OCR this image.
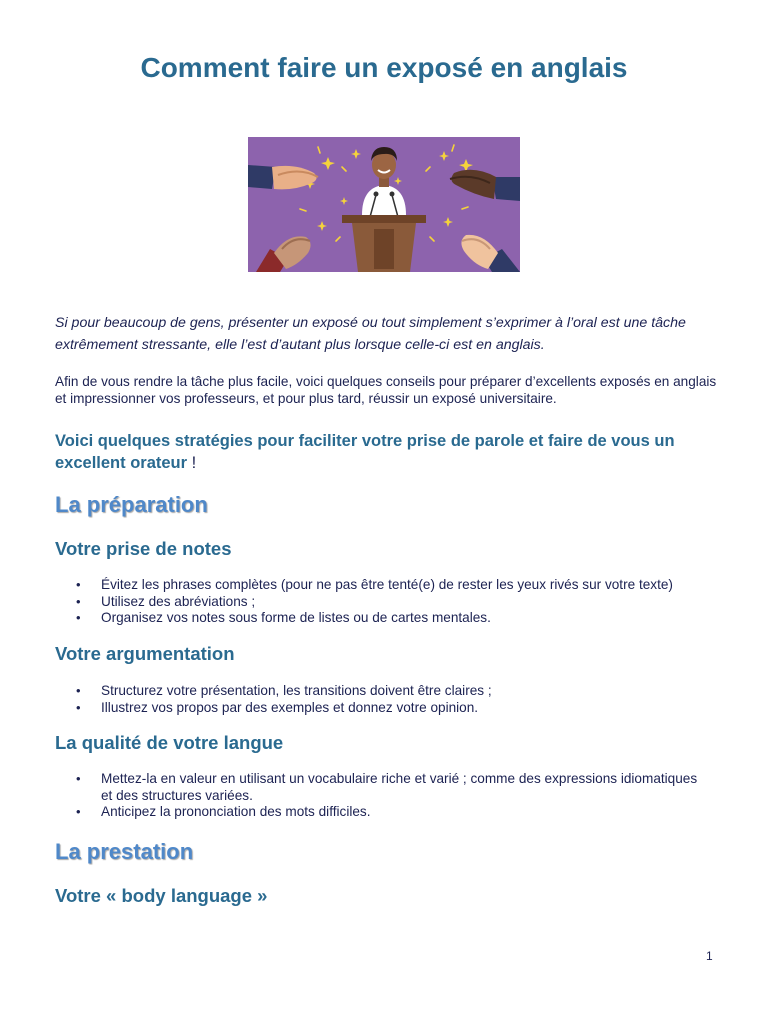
Comment faire un exposé en anglais

Si pour beaucoup de gens, présenter un exposé ou tout simplement s’exprimer à l’oral est une tâche extrêmement stressante, elle l’est d’autant plus lorsque celle-ci est en anglais.

Afin de vous rendre la tâche plus facile, voici quelques conseils pour préparer d’excellents exposés en anglais et impressionner vos professeurs, et pour plus tard, réussir un exposé universitaire.

Voici quelques stratégies pour faciliter votre prise de parole et faire de vous un excellent orateur !

La préparation
Votre prise de notes
• Évitez les phrases complètes (pour ne pas être tenté(e) de rester les yeux rivés sur votre texte)
• Utilisez des abréviations ;
• Organisez vos notes sous forme de listes ou de cartes mentales.
Votre argumentation
• Structurez votre présentation, les transitions doivent être claires ;
• Illustrez vos propos par des exemples et donnez votre opinion.
La qualité de votre langue
• Mettez-la en valeur en utilisant un vocabulaire riche et varié ; comme des expressions idiomatiques et des structures variées.
• Anticipez la prononciation des mots difficiles.
La prestation
Votre « body language »
1
